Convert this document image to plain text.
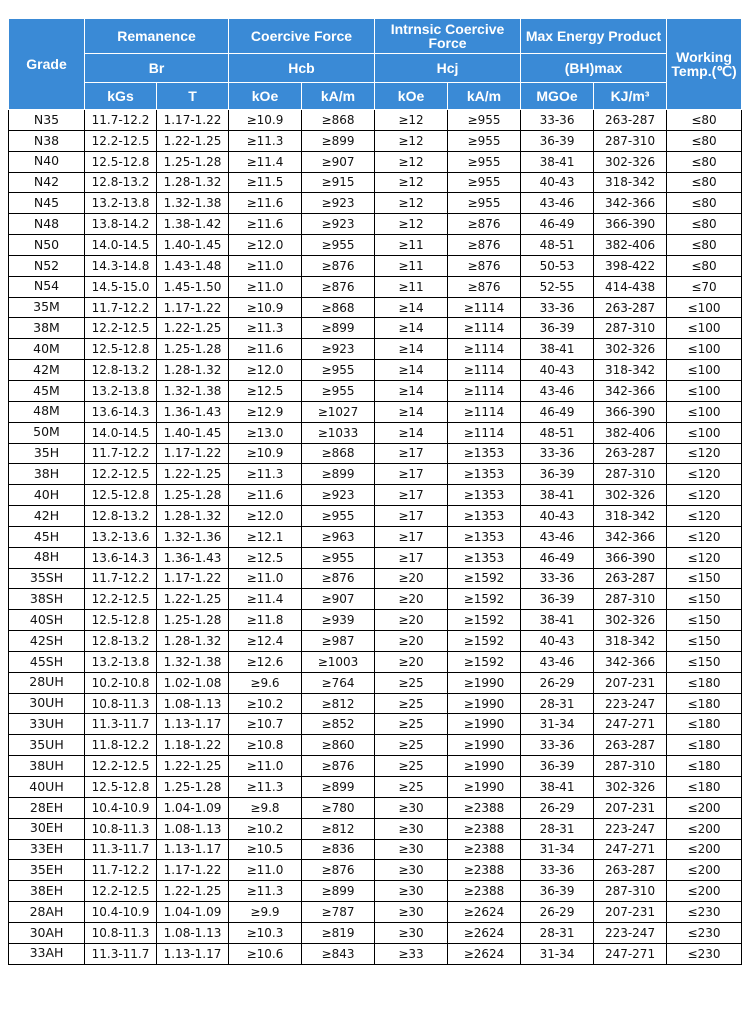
Grade	Remanence		Coercive Force		Intrnsic Coercive Force		Max Energy Product		Working Temp.(℃)
	Br		Hcb		Hcj		(BH)max		
	kGs	T	kOe	kA/m	kOe	kA/m	MGOe	KJ/m³	
N35	11.7-12.2	1.17-1.22	≥10.9	≥868	≥12	≥955	33-36	263-287	≤80
N38	12.2-12.5	1.22-1.25	≥11.3	≥899	≥12	≥955	36-39	287-310	≤80
N40	12.5-12.8	1.25-1.28	≥11.4	≥907	≥12	≥955	38-41	302-326	≤80
N42	12.8-13.2	1.28-1.32	≥11.5	≥915	≥12	≥955	40-43	318-342	≤80
N45	13.2-13.8	1.32-1.38	≥11.6	≥923	≥12	≥955	43-46	342-366	≤80
N48	13.8-14.2	1.38-1.42	≥11.6	≥923	≥12	≥876	46-49	366-390	≤80
N50	14.0-14.5	1.40-1.45	≥12.0	≥955	≥11	≥876	48-51	382-406	≤80
N52	14.3-14.8	1.43-1.48	≥11.0	≥876	≥11	≥876	50-53	398-422	≤80
N54	14.5-15.0	1.45-1.50	≥11.0	≥876	≥11	≥876	52-55	414-438	≤70
35M	11.7-12.2	1.17-1.22	≥10.9	≥868	≥14	≥1114	33-36	263-287	≤100
38M	12.2-12.5	1.22-1.25	≥11.3	≥899	≥14	≥1114	36-39	287-310	≤100
40M	12.5-12.8	1.25-1.28	≥11.6	≥923	≥14	≥1114	38-41	302-326	≤100
42M	12.8-13.2	1.28-1.32	≥12.0	≥955	≥14	≥1114	40-43	318-342	≤100
45M	13.2-13.8	1.32-1.38	≥12.5	≥955	≥14	≥1114	43-46	342-366	≤100
48M	13.6-14.3	1.36-1.43	≥12.9	≥1027	≥14	≥1114	46-49	366-390	≤100
50M	14.0-14.5	1.40-1.45	≥13.0	≥1033	≥14	≥1114	48-51	382-406	≤100
35H	11.7-12.2	1.17-1.22	≥10.9	≥868	≥17	≥1353	33-36	263-287	≤120
38H	12.2-12.5	1.22-1.25	≥11.3	≥899	≥17	≥1353	36-39	287-310	≤120
40H	12.5-12.8	1.25-1.28	≥11.6	≥923	≥17	≥1353	38-41	302-326	≤120
42H	12.8-13.2	1.28-1.32	≥12.0	≥955	≥17	≥1353	40-43	318-342	≤120
45H	13.2-13.6	1.32-1.36	≥12.1	≥963	≥17	≥1353	43-46	342-366	≤120
48H	13.6-14.3	1.36-1.43	≥12.5	≥955	≥17	≥1353	46-49	366-390	≤120
35SH	11.7-12.2	1.17-1.22	≥11.0	≥876	≥20	≥1592	33-36	263-287	≤150
38SH	12.2-12.5	1.22-1.25	≥11.4	≥907	≥20	≥1592	36-39	287-310	≤150
40SH	12.5-12.8	1.25-1.28	≥11.8	≥939	≥20	≥1592	38-41	302-326	≤150
42SH	12.8-13.2	1.28-1.32	≥12.4	≥987	≥20	≥1592	40-43	318-342	≤150
45SH	13.2-13.8	1.32-1.38	≥12.6	≥1003	≥20	≥1592	43-46	342-366	≤150
28UH	10.2-10.8	1.02-1.08	≥9.6	≥764	≥25	≥1990	26-29	207-231	≤180
30UH	10.8-11.3	1.08-1.13	≥10.2	≥812	≥25	≥1990	28-31	223-247	≤180
33UH	11.3-11.7	1.13-1.17	≥10.7	≥852	≥25	≥1990	31-34	247-271	≤180
35UH	11.8-12.2	1.18-1.22	≥10.8	≥860	≥25	≥1990	33-36	263-287	≤180
38UH	12.2-12.5	1.22-1.25	≥11.0	≥876	≥25	≥1990	36-39	287-310	≤180
40UH	12.5-12.8	1.25-1.28	≥11.3	≥899	≥25	≥1990	38-41	302-326	≤180
28EH	10.4-10.9	1.04-1.09	≥9.8	≥780	≥30	≥2388	26-29	207-231	≤200
30EH	10.8-11.3	1.08-1.13	≥10.2	≥812	≥30	≥2388	28-31	223-247	≤200
33EH	11.3-11.7	1.13-1.17	≥10.5	≥836	≥30	≥2388	31-34	247-271	≤200
35EH	11.7-12.2	1.17-1.22	≥11.0	≥876	≥30	≥2388	33-36	263-287	≤200
38EH	12.2-12.5	1.22-1.25	≥11.3	≥899	≥30	≥2388	36-39	287-310	≤200
28AH	10.4-10.9	1.04-1.09	≥9.9	≥787	≥30	≥2624	26-29	207-231	≤230
30AH	10.8-11.3	1.08-1.13	≥10.3	≥819	≥30	≥2624	28-31	223-247	≤230
33AH	11.3-11.7	1.13-1.17	≥10.6	≥843	≥33	≥2624	31-34	247-271	≤230
